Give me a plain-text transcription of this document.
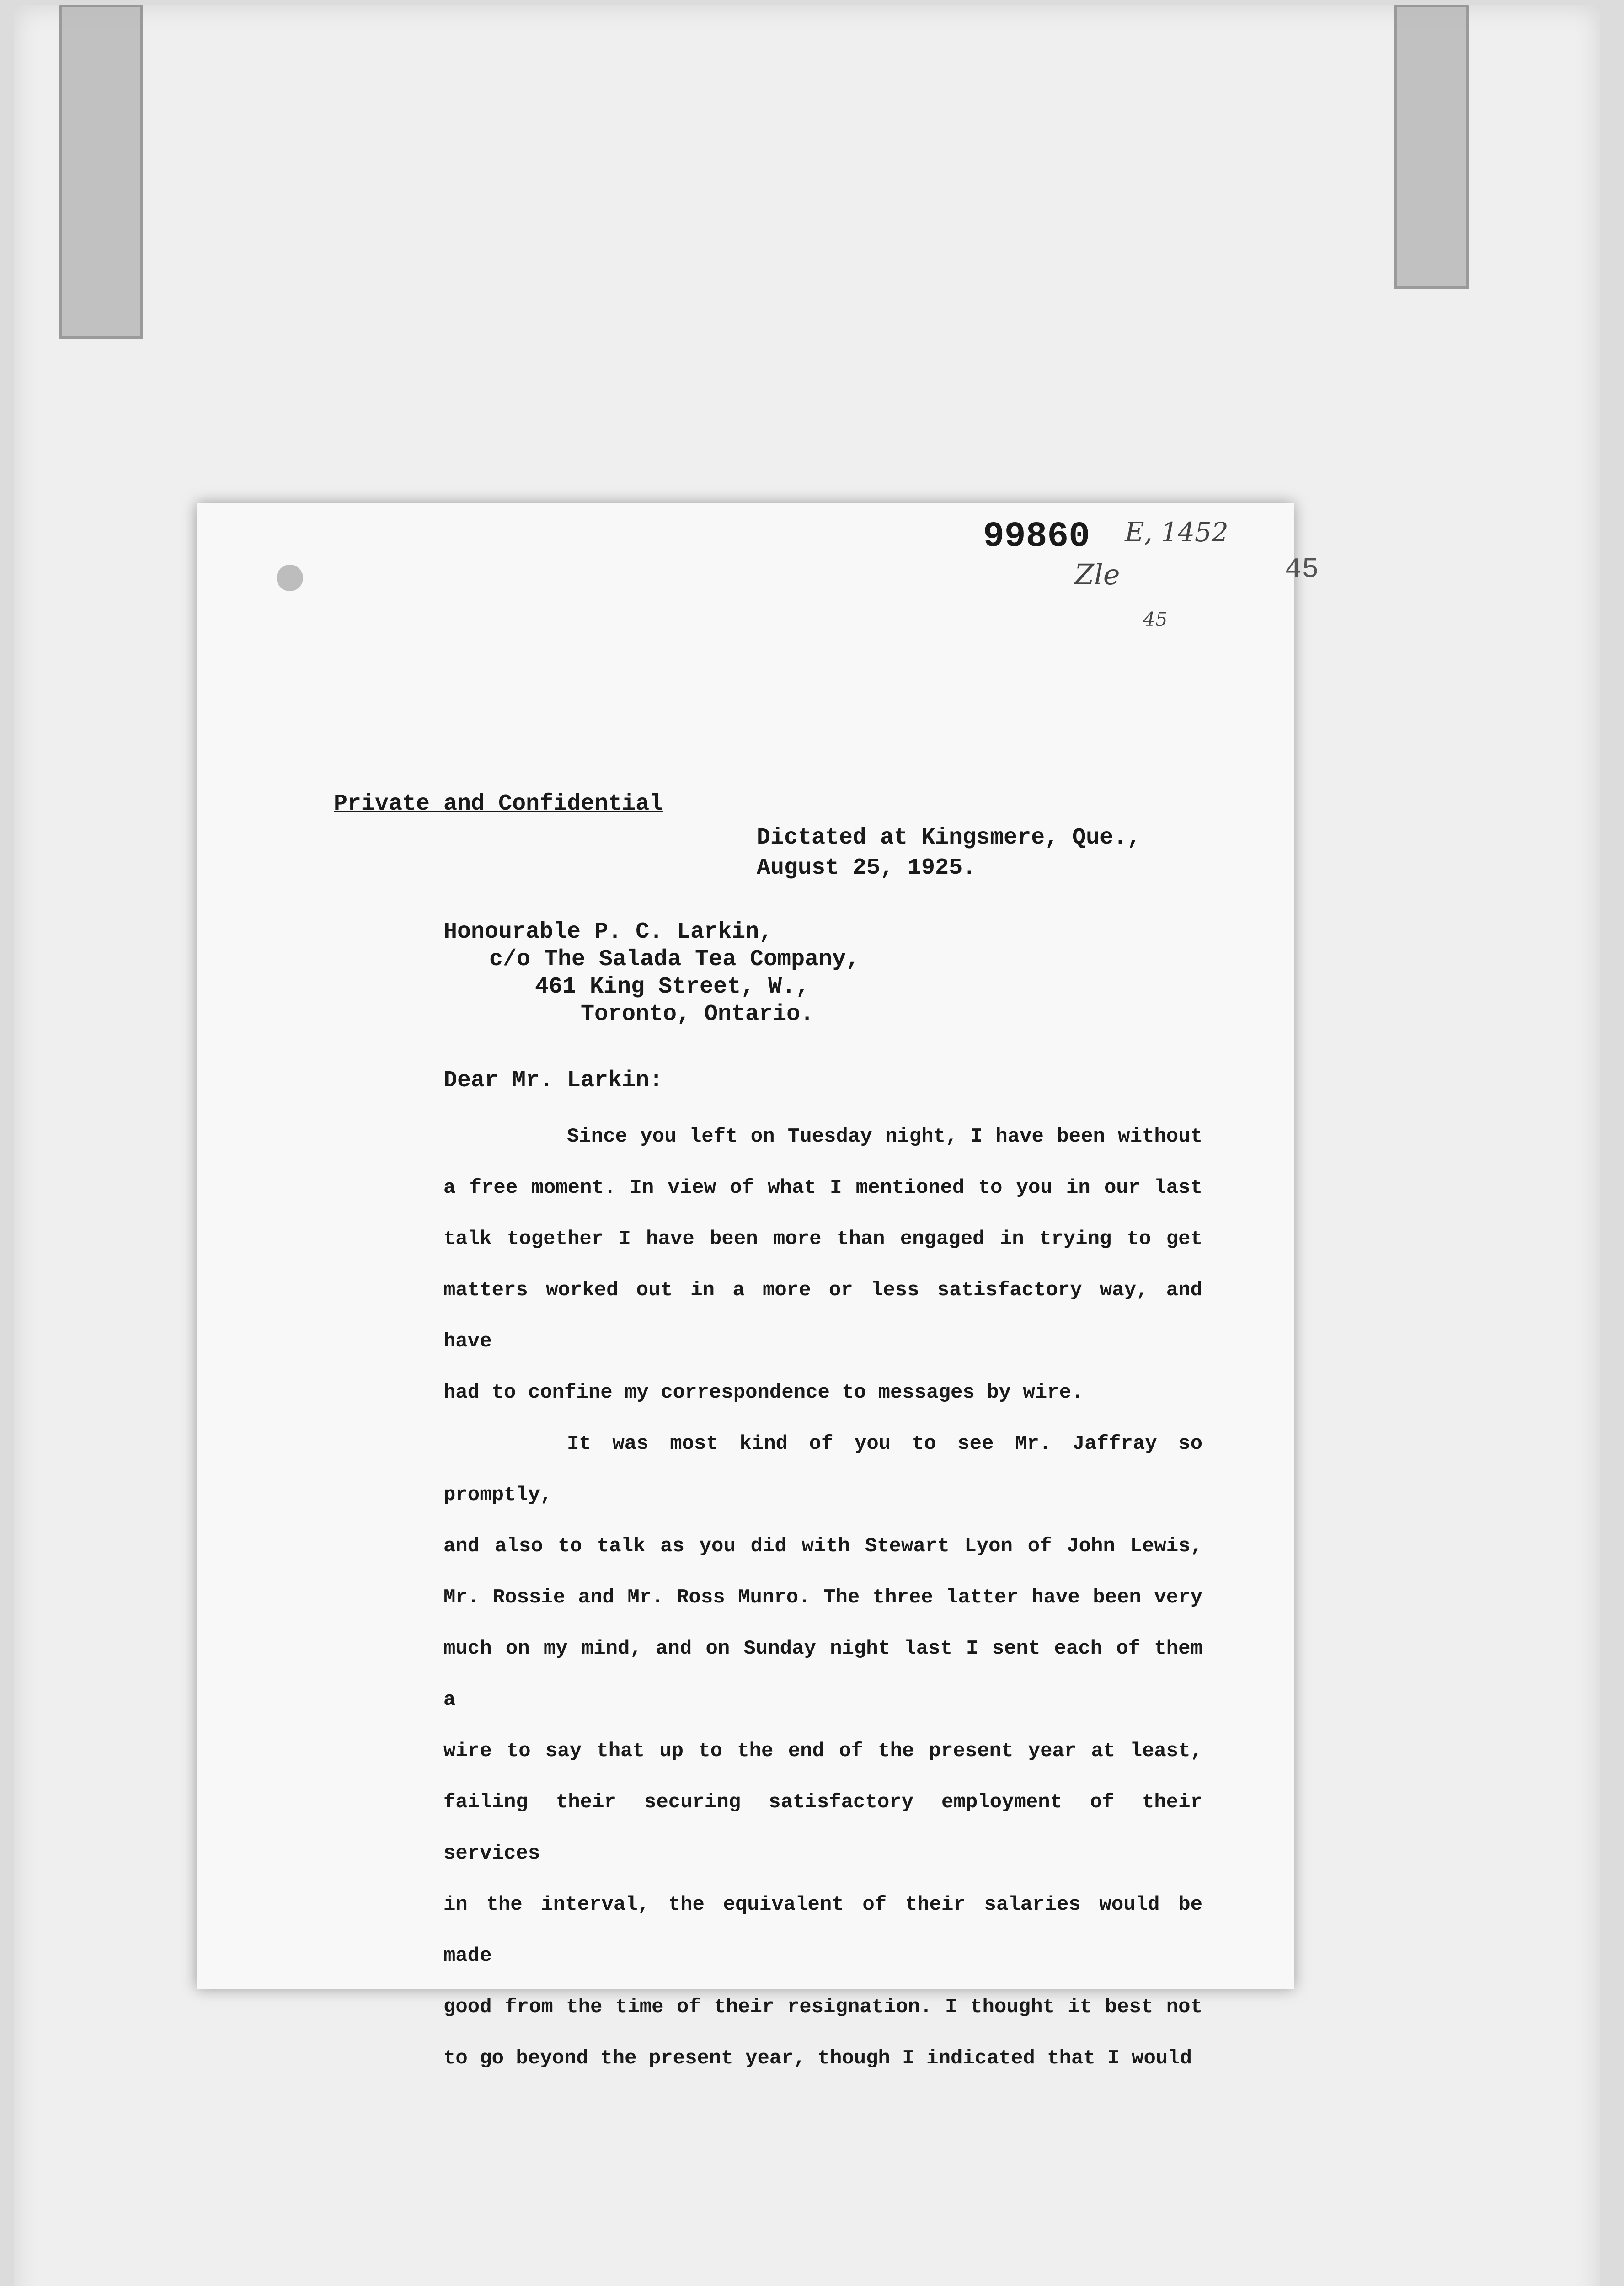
99860 E, 1452
Zle	45
45
Private and Confidential
Dictated at Kingsmere, Que.,
August 25, 1925.
Honourable P. C. Larkin,
c/o The Salada Tea Company,
461 King Street, W.,
Toronto, Ontario.
Dear Mr. Larkin:

Since you left on Tuesday night, I have been without

a free moment. In view of what I mentioned to you in our last

talk together I have been more than engaged in trying to get

matters worked out in a more or less satisfactory way, and have

had to confine my correspondence to messages by wire.

It was most kind of you to see Mr. Jaffray so promptly,

and also to talk as you did with Stewart Lyon of John Lewis,

Mr. Rossie and Mr. Ross Munro. The three latter have been very

much on my mind, and on Sunday night last I sent each of them a

wire to say that up to the end of the present year at least,

failing their securing satisfactory employment of their services

in the interval, the equivalent of their salaries would be made

good from the time of their resignation. I thought it best not

to go beyond the present year, though I indicated that I would
